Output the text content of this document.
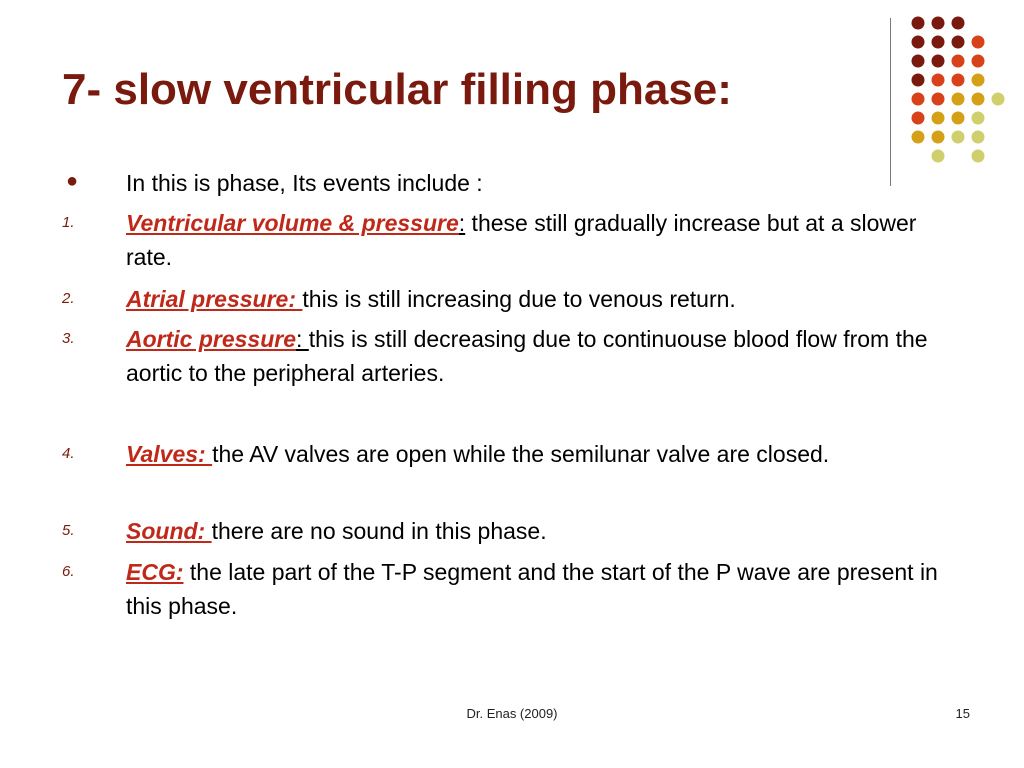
7- slow ventricular filling phase:
● In this is phase, Its events include :
1. Ventricular volume & pressure: these still gradually increase but at a slower rate.
2. Atrial pressure: this is still increasing due to venous return.
3. Aortic pressure: this is still decreasing due to continuouse blood flow from the aortic to the peripheral arteries.
4. Valves: the AV valves are open while the semilunar valve are closed.
5. Sound: there are no sound in this phase.
6. ECG: the late part of the T-P segment and the start of the P wave are present in this phase.
Dr. Enas (2009)	15
